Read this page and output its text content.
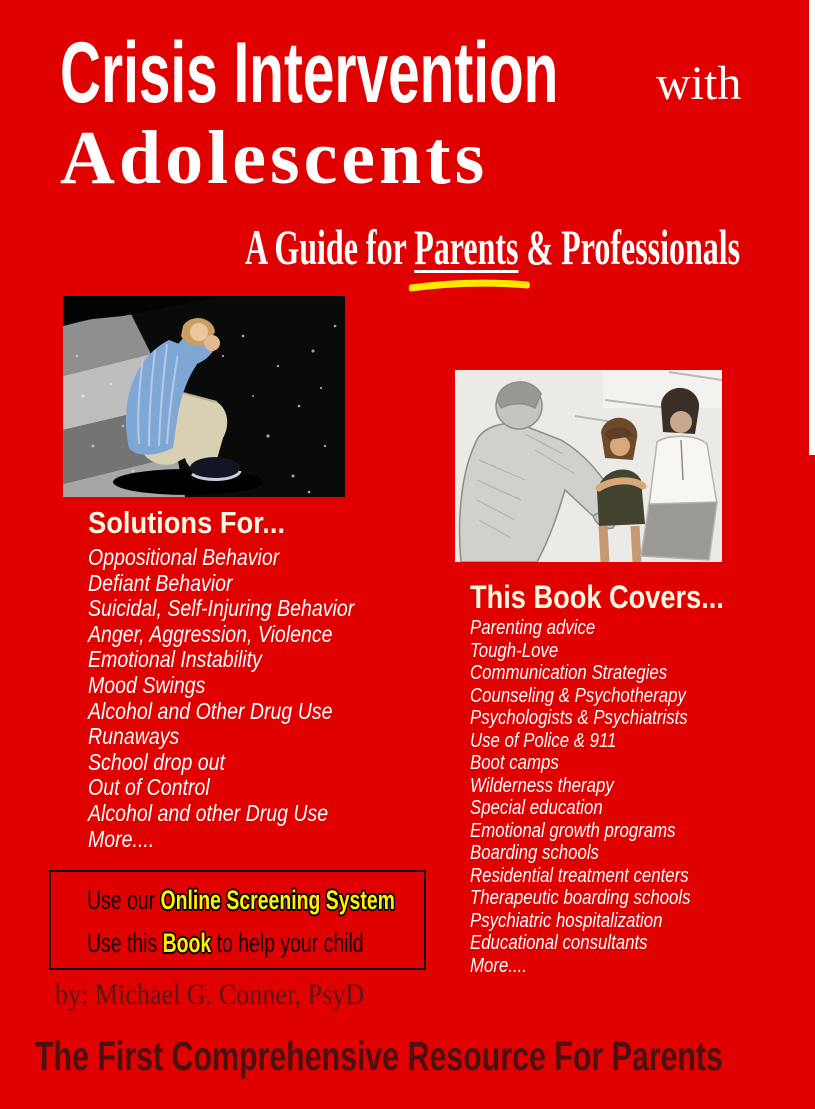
Crisis Intervention with
Adolescents
A Guide for Parents
& Professionals
Solutions For...
Oppositional Behavior
Defiant Behavior
Suicidal, Self-Injuring Behavior
Anger, Aggression, Violence
Emotional Instability
Mood Swings
Alcohol and Other Drug Use
Runaways
School drop out
Out of Control
Alcohol and other Drug Use
More....
This Book Covers...
Parenting advice
Tough-Love
Communication Strategies
Counseling & Psychotherapy
Psychologists & Psychiatrists
Use of Police & 911
Boot camps
Wilderness therapy
Special education
Emotional growth programs
Boarding schools
Residential treatment centers
Therapeutic boarding schools
Psychiatric hospitalization
Educational consultants
More....
Use our Online Screening System
Use this Book to help your child
by: Michael G. Conner, PsyD
The First Comprehensive Resource For Parents
